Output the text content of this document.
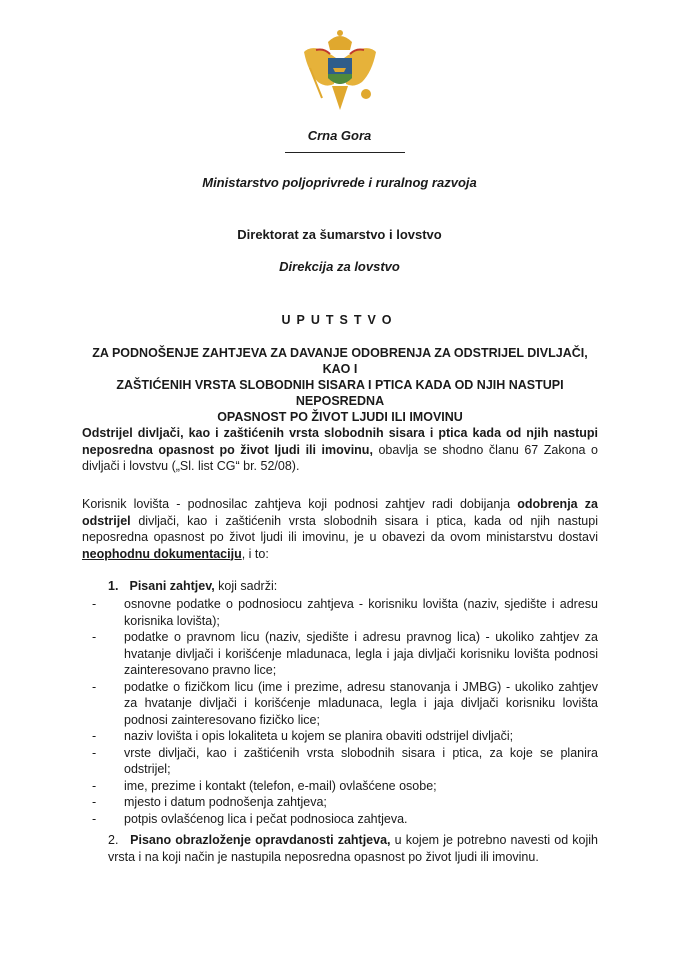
Crna Gora
Ministarstvo poljoprivrede i ruralnog razvoja
Direktorat za šumarstvo i lovstvo
Direkcija za lovstvo
UPUTSTVO
ZA PODNOŠENJE ZAHTJEVA ZA DAVANJE ODOBRENJA ZA ODSTRIJEL DIVLJAČI, KAO I
ZAŠTIĆENIH VRSTA SLOBODNIH SISARA I PTICA KADA OD NJIH NASTUPI NEPOSREDNA
OPASNOST PO ŽIVOT LJUDI ILI IMOVINU
Odstrijel divljači, kao i zaštićenih vrsta slobodnih sisara i ptica kada od njih nastupi neposredna opasnost po život ljudi ili imovinu, obavlja se shodno članu 67 Zakona o divljači i lovstvu („Sl. list CG“ br. 52/08).
Korisnik lovišta - podnosilac zahtjeva koji podnosi zahtjev radi dobijanja odobrenja za odstrijel divljači, kao i zaštićenih vrsta slobodnih sisara i ptica, kada od njih nastupi neposredna opasnost po život ljudi ili imovinu, je u obavezi da ovom ministarstvu dostavi neophodnu dokumentaciju, i to:
1. Pisani zahtjev, koji sadrži:
- osnovne podatke o podnosiocu zahtjeva - korisniku lovišta (naziv, sjedište i adresu korisnika lovišta);
- podatke o pravnom licu (naziv, sjedište i adresu pravnog lica) - ukoliko zahtjev za hvatanje divljači i korišćenje mladunaca, legla i jaja divljači korisniku lovišta podnosi zainteresovano pravno lice;
- podatke o fizičkom licu (ime i prezime, adresu stanovanja i JMBG) - ukoliko zahtjev za hvatanje divljači i korišćenje mladunaca, legla i jaja divljači korisniku lovišta podnosi zainteresovano fizičko lice;
- naziv lovišta i opis lokaliteta u kojem se planira obaviti odstrijel divljači;
- vrste divljači, kao i zaštićenih vrsta slobodnih sisara i ptica, za koje se planira odstrijel;
- ime, prezime i kontakt (telefon, e-mail) ovlašćene osobe;
- mjesto i datum podnošenja zahtjeva;
- potpis ovlašćenog lica i pečat podnosioca zahtjeva.
2. Pisano obrazloženje opravdanosti zahtjeva, u kojem je potrebno navesti od kojih vrsta i na koji način je nastupila neposredna opasnost po život ljudi ili imovinu.
